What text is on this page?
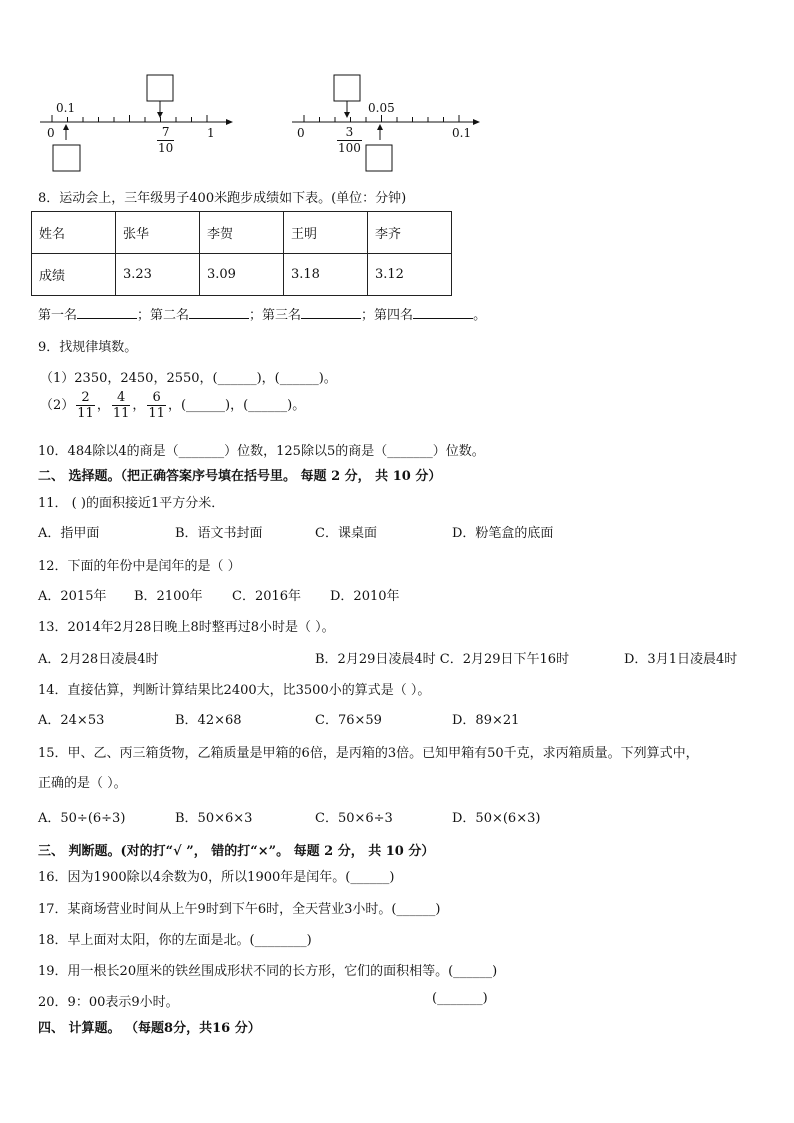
0.1
0	1
$\frac{7}{10}$
0.05
0	0.1
$\frac{3}{100}$
8．运动会上，三年级男子400米跑步成绩如下表。(单位：分钟)
姓名	张华	李贺	王明	李齐
成绩	3.23	3.09	3.18	3.12
第一名	；第二名	；第三名	；第四名	。
9．找规律填数。
（1）2350，2450，2550，(______)，(______)。
$(2) \frac{2}{11}$ ， $\frac{4}{11}$ ， $\frac{6}{11}$ ，(______)，(______)。
10．484除以4的商是（_______）位数，125除以5的商是（_______）位数。
二、 选择题。（把正确答案序号填在括号里。 每题 2 分， 共 10 分）
11． ( )的面积接近1平方分米．
A．指甲面	B．语文书封面	C．课桌面	D．粉笔盒的底面
12．下面的年份中是闰年的是（ ）
A．2015年 B．2100年 C．2016年 D．2010年
13．2014年2月28日晚上8时整再过8小时是（ ）。
A．2月28日凌晨4时	B．2月29日凌晨4时 C．2月29日下午16时	D．3月1日凌晨4时
14．直接估算，判断计算结果比2400大，比3500小的算式是（ ）。
A．24×53	B．42×68	C．76×59	D．89×21
15．甲、乙、丙三箱货物，乙箱质量是甲箱的6倍，是丙箱的3倍。已知甲箱有50千克，求丙箱质量。下列算式中，
正确的是（ ）。
A．50÷(6÷3)	B．50×6×3	C．50×6÷3	D．50×(6×3)
三、 判断题。(对的打“√ ”， 错的打“×”。 每题 2 分， 共 10 分）
16．因为1900除以4余数为0，所以1900年是闰年。(______)
17．某商场营业时间从上午9时到下午6时，全天营业3小时。(______)
18．早上面对太阳，你的左面是北。(________)
19．用一根长20厘米的铁丝围成形状不同的长方形，它们的面积相等。(______)
20．9：00表示9小时。	(_______)
四、 计算题。 （每题8分，共16 分）
